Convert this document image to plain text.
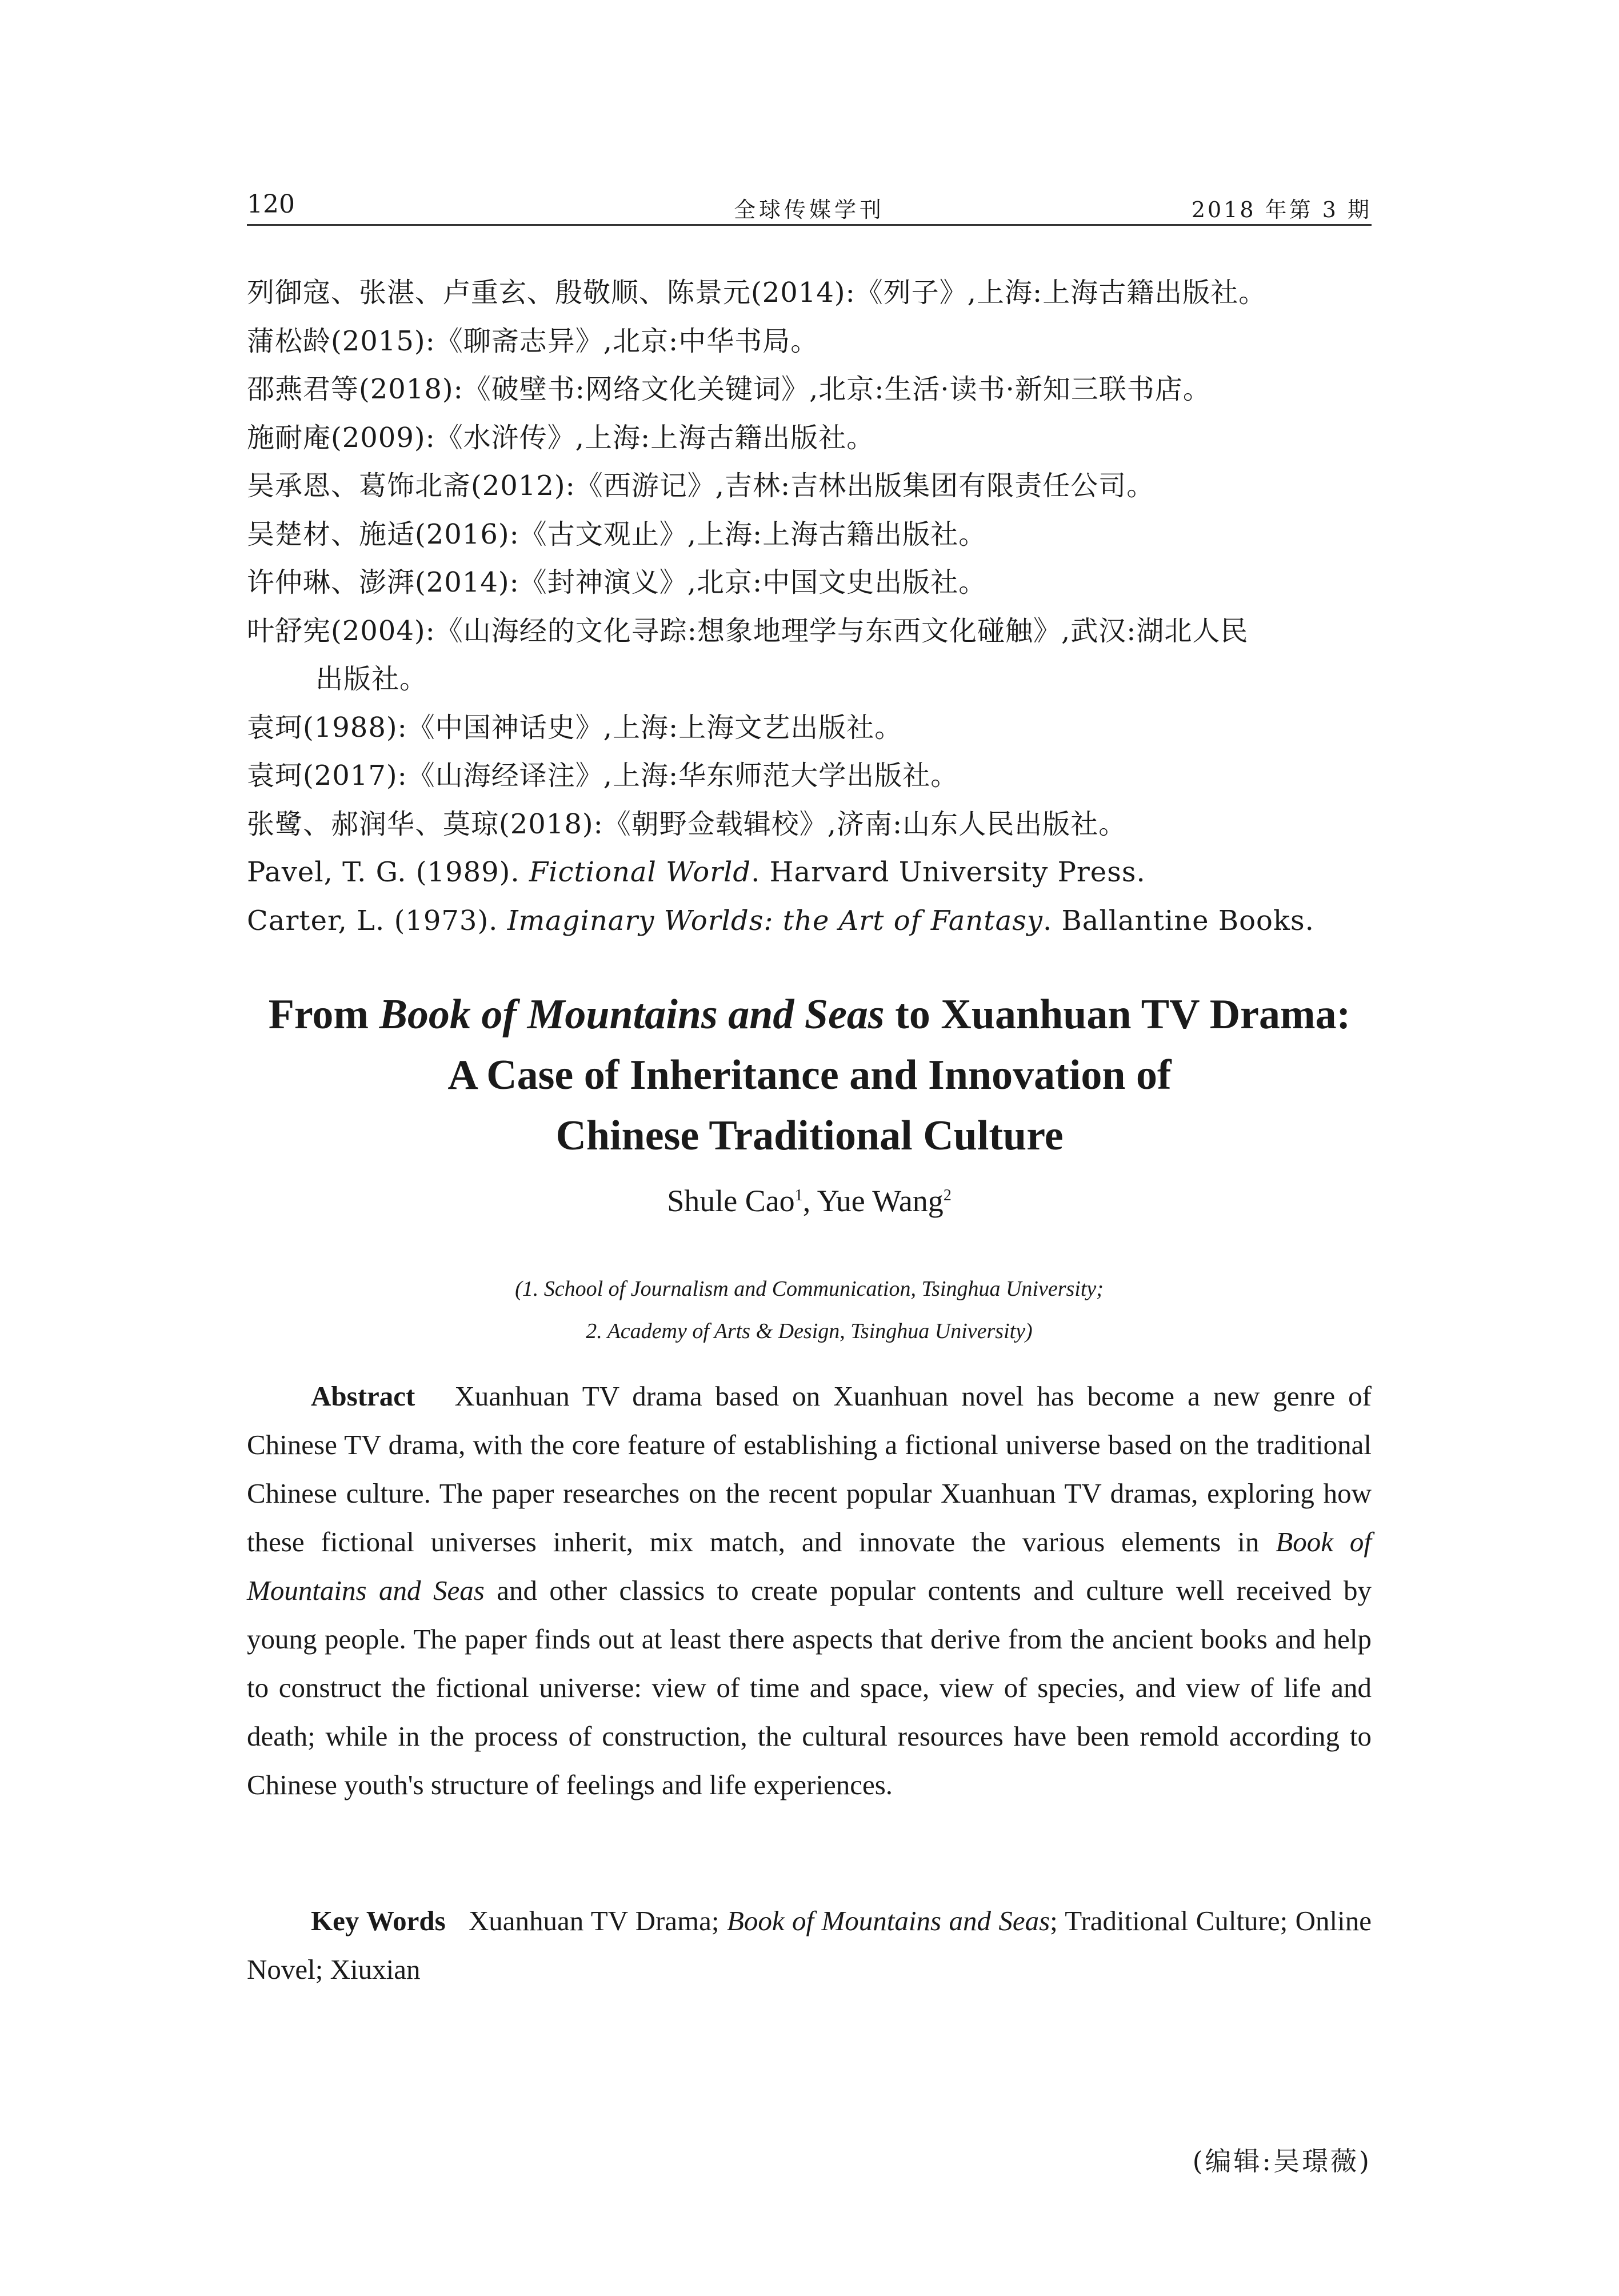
120	全球传媒学刊	2018 年第 3 期
列御寇、张湛、卢重玄、殷敬顺、陈景元(2014):《列子》,上海:上海古籍出版社。
蒲松龄(2015):《聊斋志异》,北京:中华书局。
邵燕君等(2018):《破壁书:网络文化关键词》,北京:生活·读书·新知三联书店。
施耐庵(2009):《水浒传》,上海:上海古籍出版社。
吴承恩、葛饰北斋(2012):《西游记》,吉林:吉林出版集团有限责任公司。
吴楚材、施适(2016):《古文观止》,上海:上海古籍出版社。
许仲琳、澎湃(2014):《封神演义》,北京:中国文史出版社。
叶舒宪(2004):《山海经的文化寻踪:想象地理学与东西文化碰触》,武汉:湖北人民
出版社。
袁珂(1988):《中国神话史》,上海:上海文艺出版社。
袁珂(2017):《山海经译注》,上海:华东师范大学出版社。
张鹭、郝润华、莫琼(2018):《朝野佥载辑校》,济南:山东人民出版社。
Pavel, T. G. (1989). Fictional World. Harvard University Press.
Carter, L. (1973). Imaginary Worlds: the Art of Fantasy. Ballantine Books.
From Book of Mountains and Seas to Xuanhuan TV Drama:
A Case of Inheritance and Innovation of
Chinese Traditional Culture
Shule Cao$^1$, Yue Wang$^2$
(1. School of Journalism and Communication, Tsinghua University;
2. Academy of Arts & Design, Tsinghua University)
Abstract Xuanhuan TV drama based on Xuanhuan novel has become a new genre of Chinese TV drama, with the core feature of establishing a fictional universe based on the traditional Chinese culture. The paper researches on the recent popular Xuanhuan TV dramas, exploring how these fictional universes inherit, mix match, and innovate the various elements in Book of Mountains and Seas and other classics to create popular contents and culture well received by young people. The paper finds out at least there aspects that derive from the ancient books and help to construct the fictional universe: view of time and space, view of species, and view of life and death; while in the process of construction, the cultural resources have been remold according to Chinese youth's structure of feelings and life experiences.
Key Words Xuanhuan TV Drama; Book of Mountains and Seas; Traditional Culture; Online Novel; Xiuxian
(编辑:吴璟薇)
